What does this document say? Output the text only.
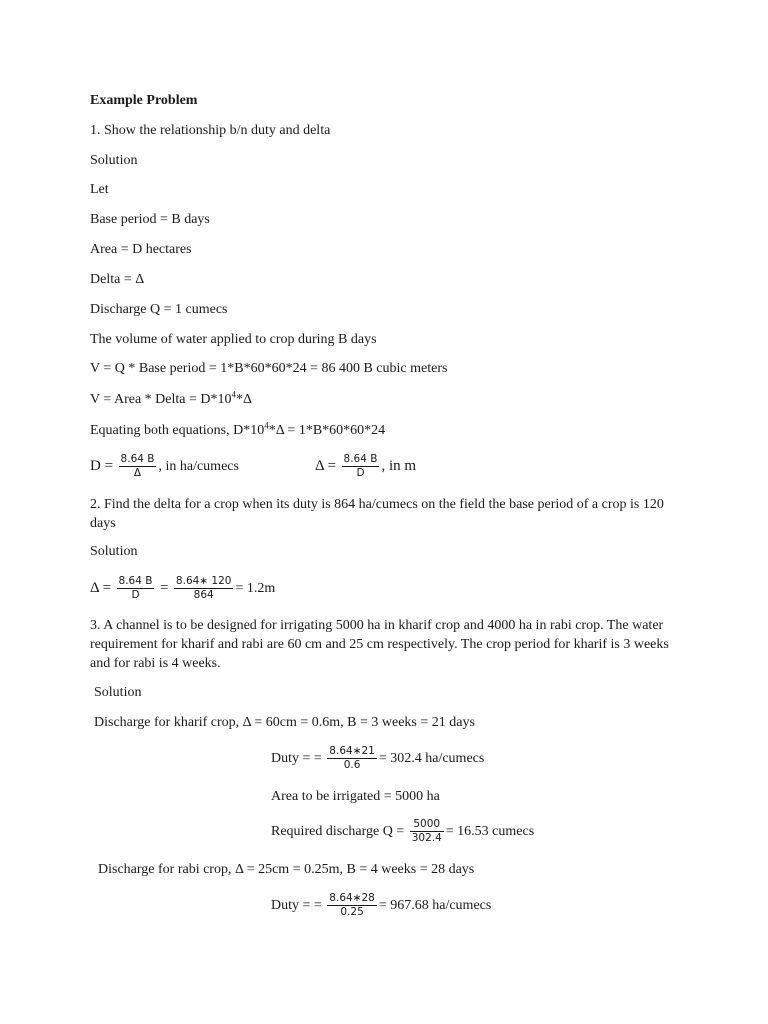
Example Problem
1. Show the relationship b/n duty and delta
Solution
Let
Base period = B days
Area = D hectares
Delta = Δ
Discharge Q = 1 cumecs
The volume of water applied to crop during B days
V = Q * Base period = 1*B*60*60*24 = 86 400 B cubic meters
V = Area * Delta = $D*10^4*\Delta$
Equating both equations, $D*10^4*\Delta = 1*B*60*60*24$
$D = \frac{8.64 B}{\Delta}$ , in ha/cumecs	$\Delta = \frac{8.64 B}{D}$ , in m
2. Find the delta for a crop when its duty is 864 ha/cumecs on the field the base period of a crop is 120 days
Solution
$\Delta = \frac{8.64 B}{D} = \frac{8.64∗ 120}{864} = 1.2m$
3. A channel is to be designed for irrigating 5000 ha in kharif crop and 4000 ha in rabi crop. The water requirement for kharif and rabi are 60 cm and 25 cm respectively. The crop period for kharif is 3 weeks and for rabi is 4 weeks.
Solution
Discharge for kharif crop, Δ = 60cm = 0.6m, B = 3 weeks = 21 days
Duty = = $\frac{8.64∗21}{0.6} = 302.4$ ha/cumecs
Area to be irrigated = 5000 ha
Required discharge $Q = \frac{5000}{302.4} = 16.53$ cumecs
Discharge for rabi crop, Δ = 25cm = 0.25m, B = 4 weeks = 28 days
Duty = = $\frac{8.64∗28}{0.25} = 967.68$ ha/cumecs
